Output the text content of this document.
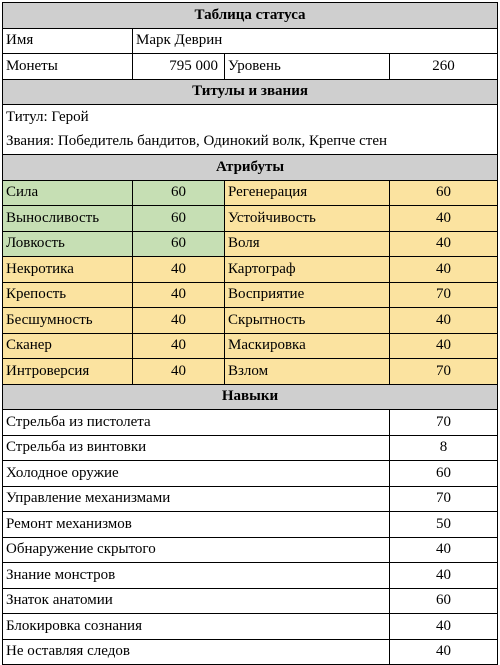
Таблица статуса			
Имя	Марк Деврин		
Монеты	795 000	Уровень	260
Титулы и звания			
Титул: Герой			
Звания: Победитель бандитов, Одинокий волк, Крепче стен			
Атрибуты			
Сила	60	Регенерация	60
Выносливость	60	Устойчивость	40
Ловкость	60	Воля	40
Некротика	40	Картограф	40
Крепость	40	Восприятие	70
Бесшумность	40	Скрытность	40
Сканер	40	Маскировка	40
Интроверсия	40	Взлом	70
Навыки			
Стрельба из пистолета			70
Стрельба из винтовки			8
Холодное оружие			60
Управление механизмами			70
Ремонт механизмов			50
Обнаружение скрытого			40
Знание монстров			40
Знаток анатомии			60
Блокировка сознания			40
Не оставляя следов			40
